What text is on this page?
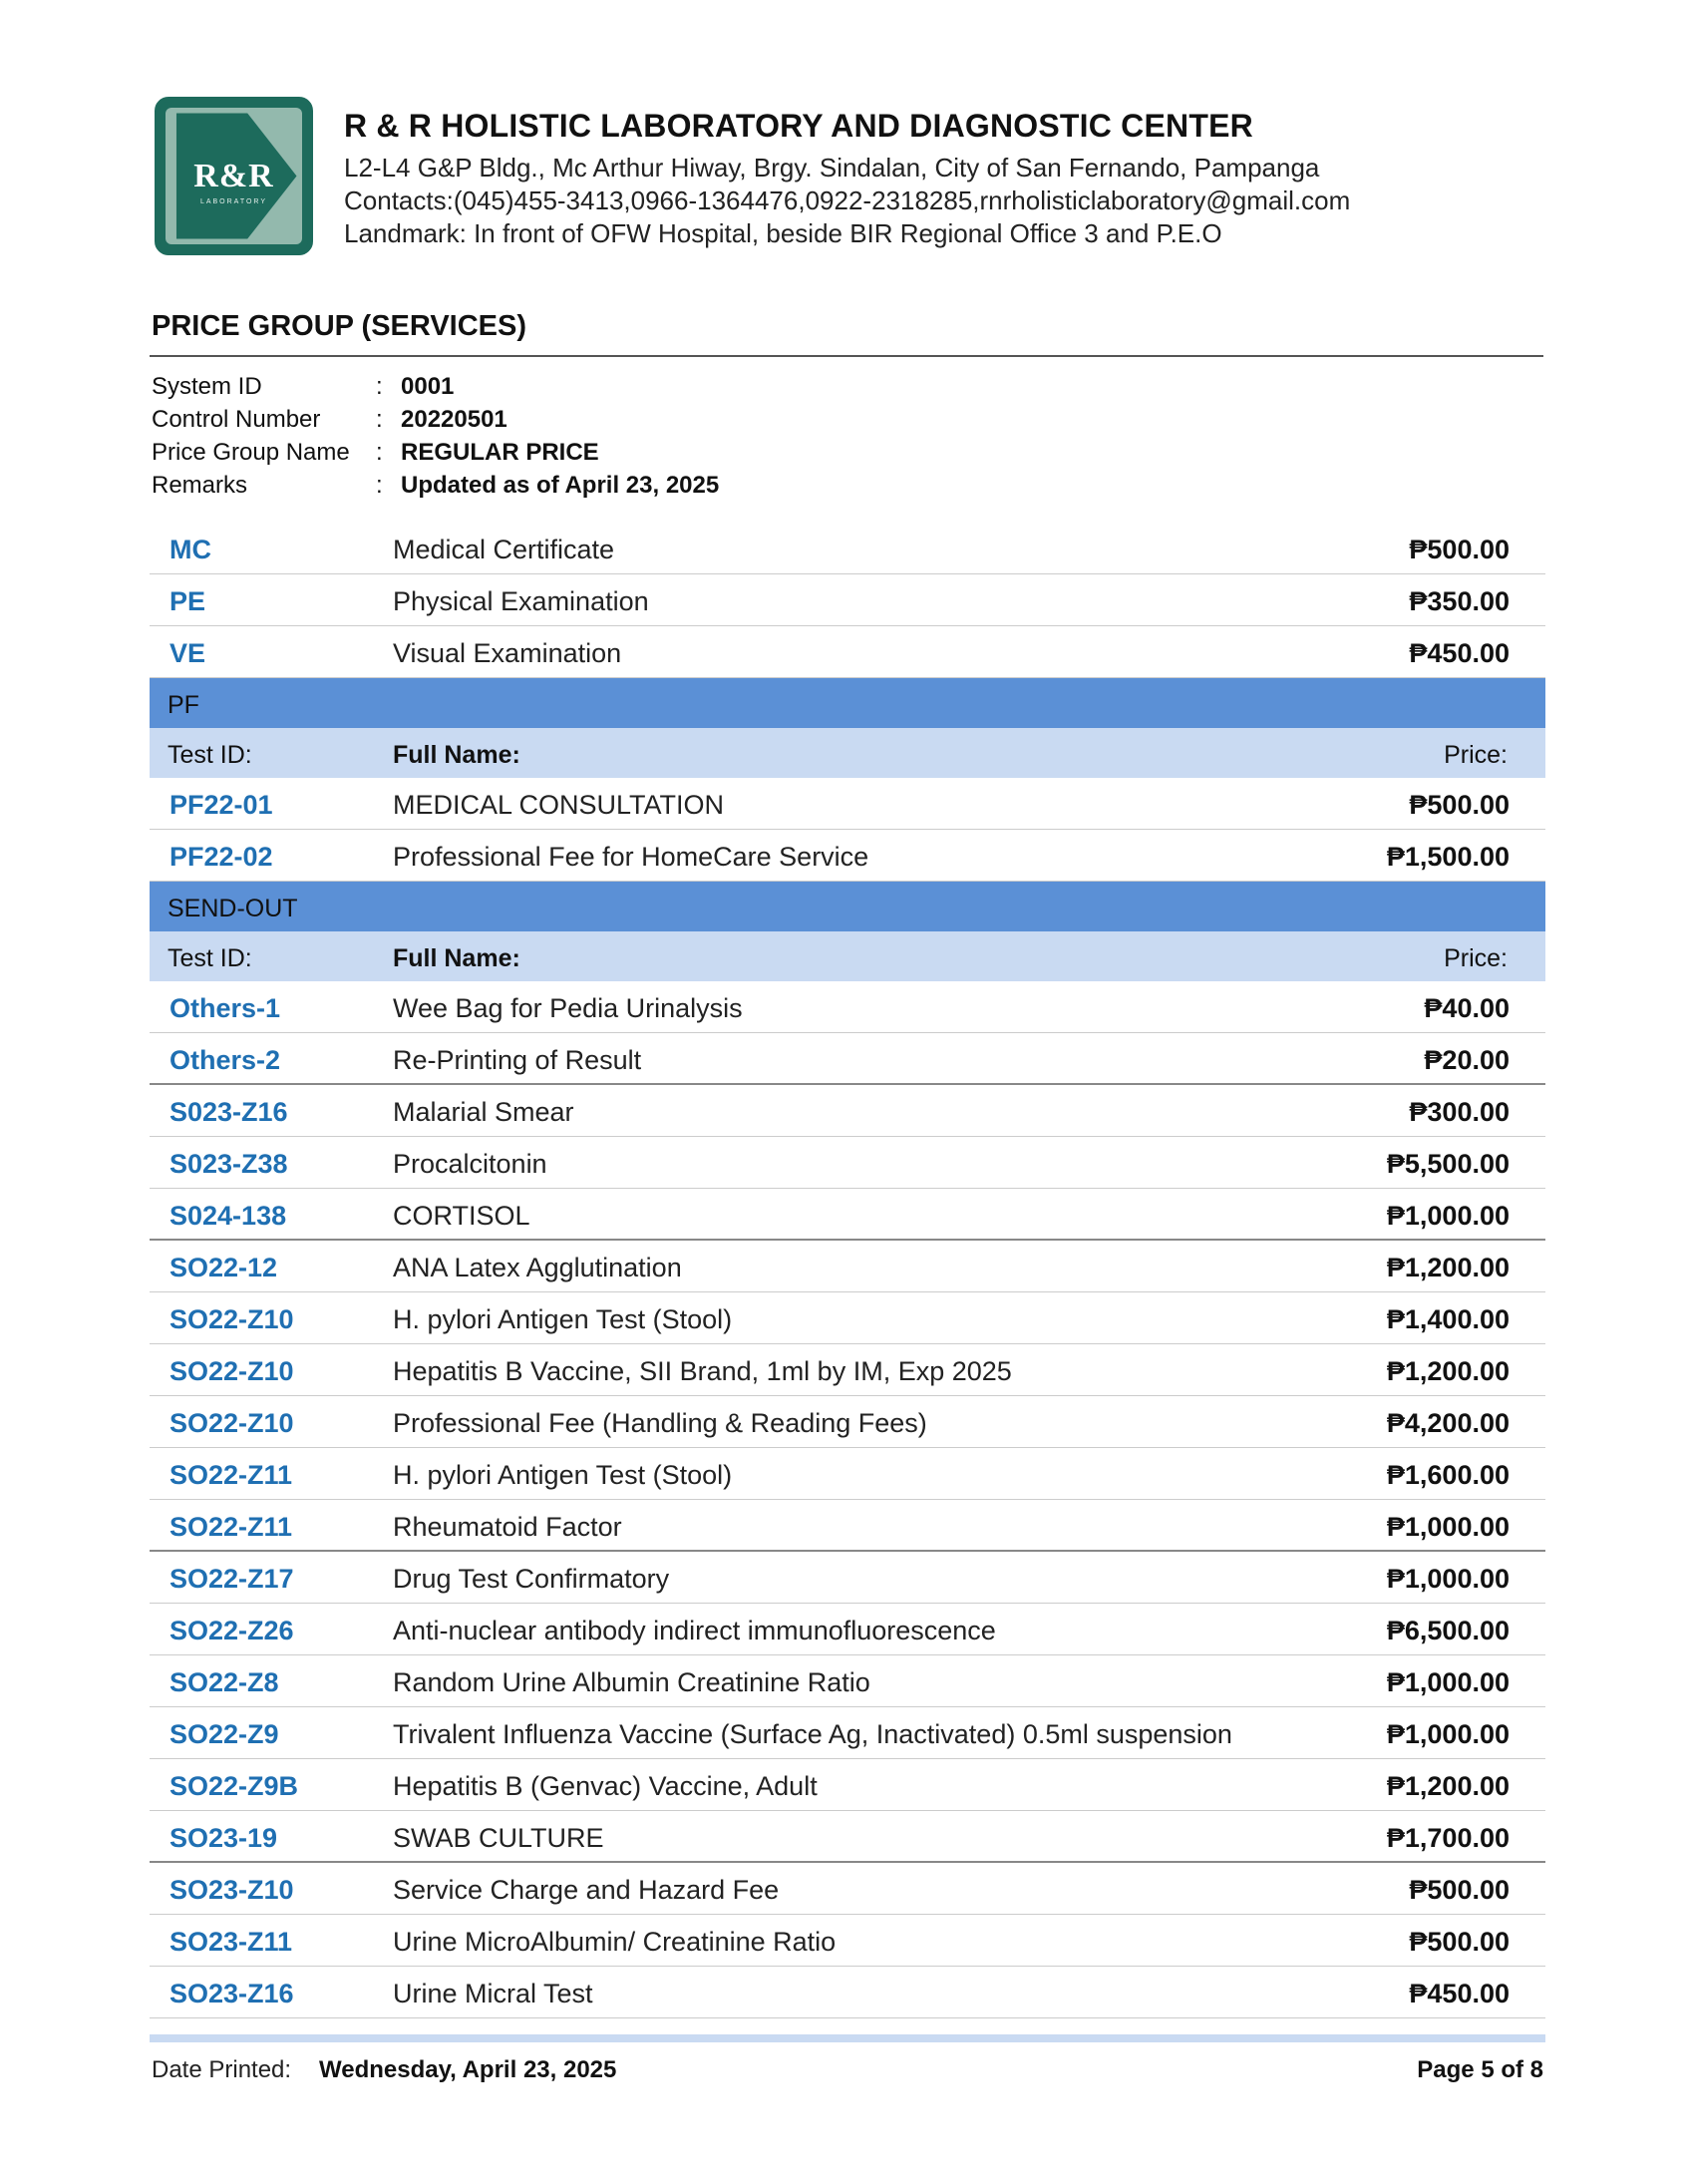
R&R
LABORATORY
R & R HOLISTIC LABORATORY AND DIAGNOSTIC CENTER
L2-L4 G&P Bldg., Mc Arthur Hiway, Brgy. Sindalan, City of San Fernando, Pampanga
Contacts:(045)455-3413,0966-1364476,0922-2318285,rnrholisticlaboratory@gmail.com
Landmark: In front of OFW Hospital, beside BIR Regional Office 3 and P.E.O
PRICE GROUP (SERVICES)
System ID	: 0001
Control Number : 20220501
Price Group Name : REGULAR PRICE
Remarks	: Updated as of April 23, 2025
MC	Medical Certificate	₱500.00
PE	Physical Examination	₱350.00
VE	Visual Examination	₱450.00
PF
Test ID:	Full Name:	Price:
PF22-01	MEDICAL CONSULTATION	₱500.00
PF22-02	Professional Fee for HomeCare Service	₱1,500.00
SEND-OUT
Test ID:	Full Name:	Price:
Others-1	Wee Bag for Pedia Urinalysis	₱40.00
Others-2	Re-Printing of Result	₱20.00
S023-Z16	Malarial Smear	₱300.00
S023-Z38	Procalcitonin	₱5,500.00
S024-138	CORTISOL	₱1,000.00
SO22-12	ANA Latex Agglutination	₱1,200.00
SO22-Z10	H. pylori Antigen Test (Stool)	₱1,400.00
SO22-Z10	Hepatitis B Vaccine, SII Brand, 1ml by IM, Exp 2025	₱1,200.00
SO22-Z10	Professional Fee (Handling & Reading Fees)	₱4,200.00
SO22-Z11	H. pylori Antigen Test (Stool)	₱1,600.00
SO22-Z11	Rheumatoid Factor	₱1,000.00
SO22-Z17	Drug Test Confirmatory	₱1,000.00
SO22-Z26	Anti-nuclear antibody indirect immunofluorescence	₱6,500.00
SO22-Z8	Random Urine Albumin Creatinine Ratio	₱1,000.00
SO22-Z9	Trivalent Influenza Vaccine (Surface Ag, Inactivated) 0.5ml suspension	₱1,000.00
SO22-Z9B	Hepatitis B (Genvac) Vaccine, Adult	₱1,200.00
SO23-19	SWAB CULTURE	₱1,700.00
SO23-Z10	Service Charge and Hazard Fee	₱500.00
SO23-Z11	Urine MicroAlbumin/ Creatinine Ratio	₱500.00
SO23-Z16	Urine Micral Test	₱450.00
Date Printed: Wednesday, April 23, 2025	Page 5 of 8
